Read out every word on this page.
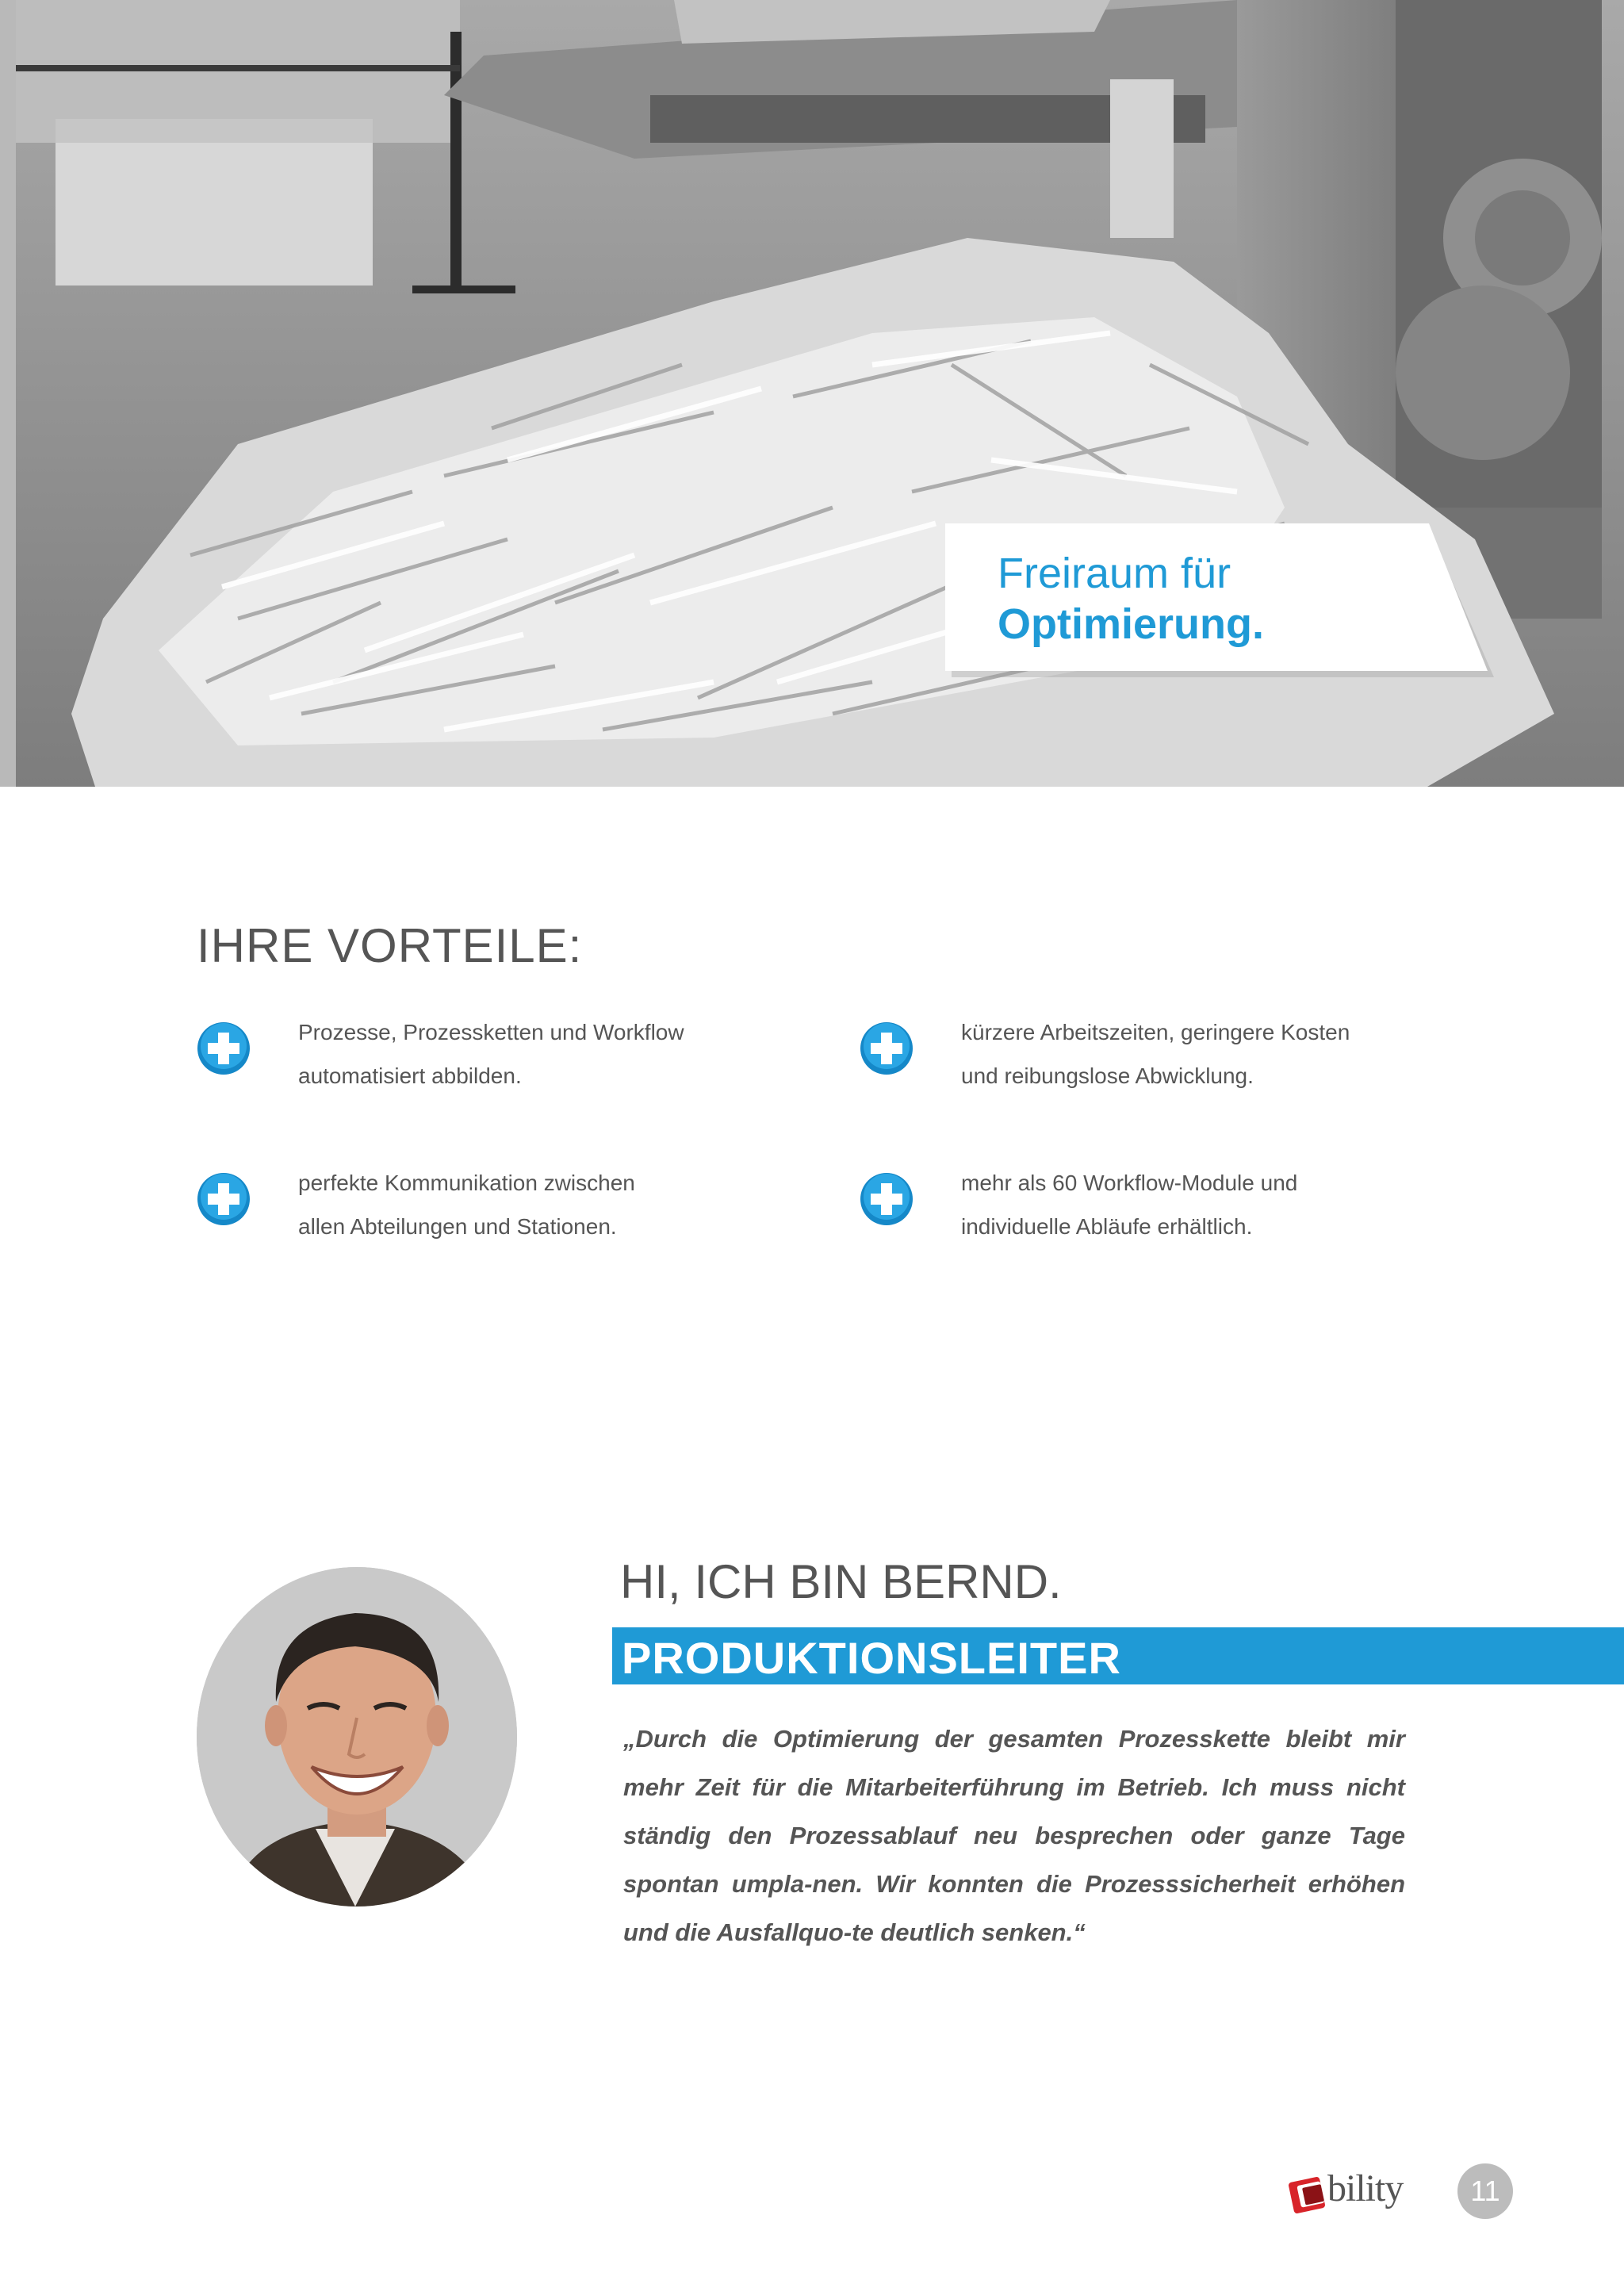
Freiraum für
Optimierung.
IHRE VORTEILE:
Prozesse, Prozessketten und Workflow
automatisiert abbilden.
kürzere Arbeitszeiten, geringere Kosten
und reibungslose Abwicklung.
perfekte Kommunikation zwischen
allen Abteilungen und Stationen.
mehr als 60 Workflow-Module und
individuelle Abläufe erhältlich.
HI, ICH BIN BERND.
PRODUKTIONSLEITER
„Durch die Optimierung der gesamten Prozesskette bleibt mir mehr Zeit für die Mitarbeiterführung im Betrieb. Ich muss nicht ständig den Prozessablauf neu besprechen oder ganze Tage spontan umpla-nen. Wir konnten die Prozesssicherheit erhöhen und die Ausfallquo-te deutlich senken.“
bility	11
